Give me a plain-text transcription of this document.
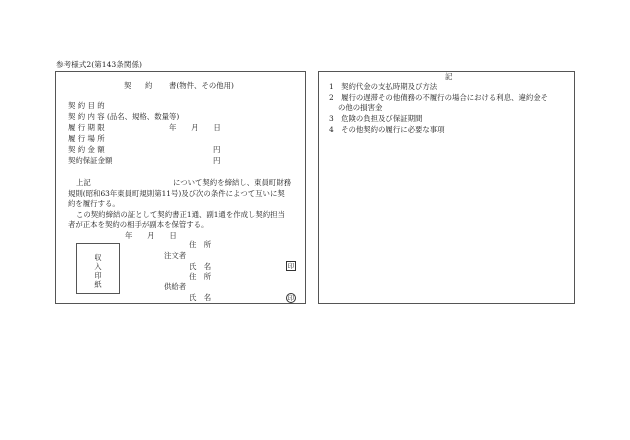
参考様式2(第143条関係)
契 約 書(物件、その他用)
契 約 目 的
契 約 内 容 (品名、規格、数量等)
履 行 期 限	年　　月　　日
履 行 場 所
契 約 金 額	円
契約保証金額	円
上記	について契約を締結し、東員町財務
規則(昭和63年東員町規則第11号)及び次の条件によつて互いに契
約を履行する。
この契約締結の証として契約書正1通、副1通を作成し契約担当
者が正本を契約の相手が副本を保管する。
年　　月　　日
収
入
印
紙
住　所
注文者
氏　名	印
住　所
供給者
氏　名	印
記
1　契約代金の支払時期及び方法
2　履行の遅滞その他債務の不履行の場合における利息、違約金そ
の他の損害金
3　危険の負担及び保証期間
4　その他契約の履行に必要な事項
